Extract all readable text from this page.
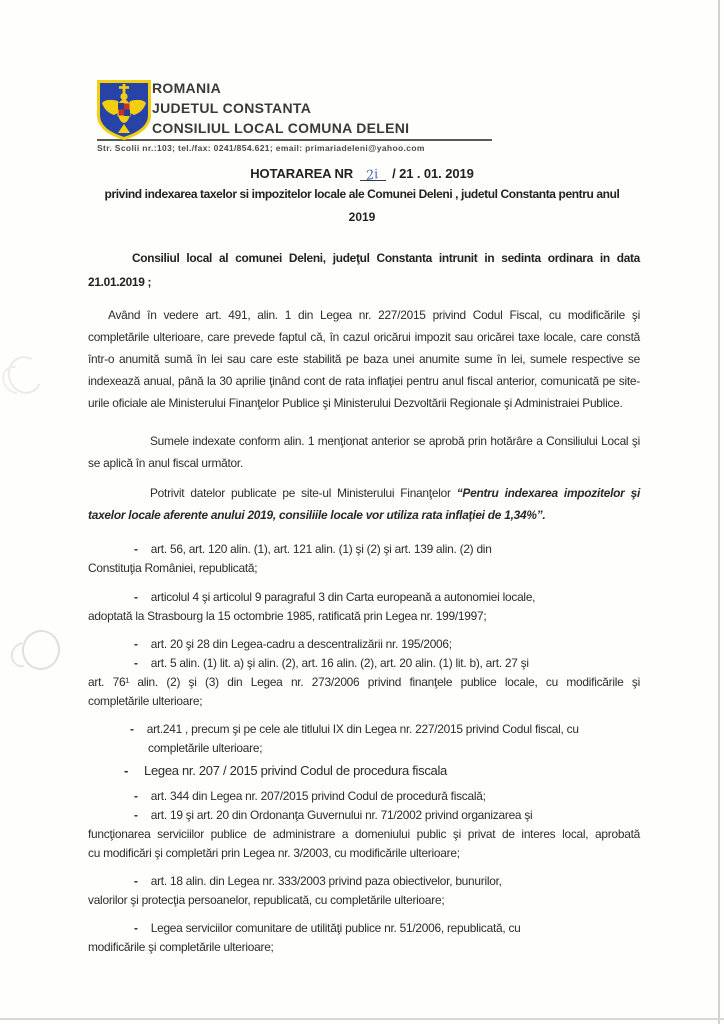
ROMANIA
JUDETUL CONSTANTA
CONSILIUL LOCAL COMUNA DELENI
Str. Scolii nr.:103; tel./fax: 0241/854.621; email: primariadeleni@yahoo.com
HOTARAREA NR 2i / 21 . 01. 2019
privind indexarea taxelor si impozitelor locale ale Comunei Deleni , judetul Constanta pentru anul
2019
Consiliul local al comunei Deleni, judeţul Constanta intrunit in sedinta ordinara in data 21.01.2019 ;
Având în vedere art. 491, alin. 1 din Legea nr. 227/2015 privind Codul Fiscal, cu modificările şi completările ulterioare, care prevede faptul că, în cazul oricărui impozit sau oricărei taxe locale, care constă într-o anumită sumă în lei sau care este stabilită pe baza unei anumite sume în lei, sumele respective se indexează anual, până la 30 aprilie ţinând cont de rata inflaţiei pentru anul fiscal anterior, comunicată pe site-urile oficiale ale Ministerului Finanţelor Publice şi Ministerului Dezvoltării Regionale şi Administraiei Publice.
Sumele indexate conform alin. 1 menţionat anterior se aprobă prin hotărâre a Consiliului Local şi se aplică în anul fiscal următor.
Potrivit datelor publicate pe site-ul Ministerului Finanţelor “Pentru indexarea impozitelor şi taxelor locale aferente anului 2019, consiliile locale vor utiliza rata inflaţiei de 1,34%”.
- art. 56, art. 120 alin. (1), art. 121 alin. (1) şi (2) şi art. 139 alin. (2) din
Constituţia României, republicată;
- articolul 4 şi articolul 9 paragraful 3 din Carta europeană a autonomiei locale,
adoptată la Strasbourg la 15 octombrie 1985, ratificată prin Legea nr. 199/1997;
- art. 20 şi 28 din Legea-cadru a descentralizării nr. 195/2006;
- art. 5 alin. (1) lit. a) şi alin. (2), art. 16 alin. (2), art. 20 alin. (1) lit. b), art. 27 şi
art. 76¹ alin. (2) şi (3) din Legea nr. 273/2006 privind finanţele publice locale, cu modificările şi
completările ulterioare;
- art.241 , precum şi pe cele ale titlului IX din Legea nr. 227/2015 privind Codul fiscal, cu
completările ulterioare;
- Legea nr. 207 / 2015 privind Codul de procedura fiscala
- art. 344 din Legea nr. 207/2015 privind Codul de procedură fiscală;
- art. 19 şi art. 20 din Ordonanţa Guvernului nr. 71/2002 privind organizarea şi
funcţionarea serviciilor publice de administrare a domeniului public şi privat de interes local, aprobată
cu modificări şi completări prin Legea nr. 3/2003, cu modificările ulterioare;
- art. 18 alin. din Legea nr. 333/2003 privind paza obiectivelor, bunurilor,
valorilor şi protecţia persoanelor, republicată, cu completările ulterioare;
- Legea serviciilor comunitare de utilităţi publice nr. 51/2006, republicată, cu
modificările şi completările ulterioare;
